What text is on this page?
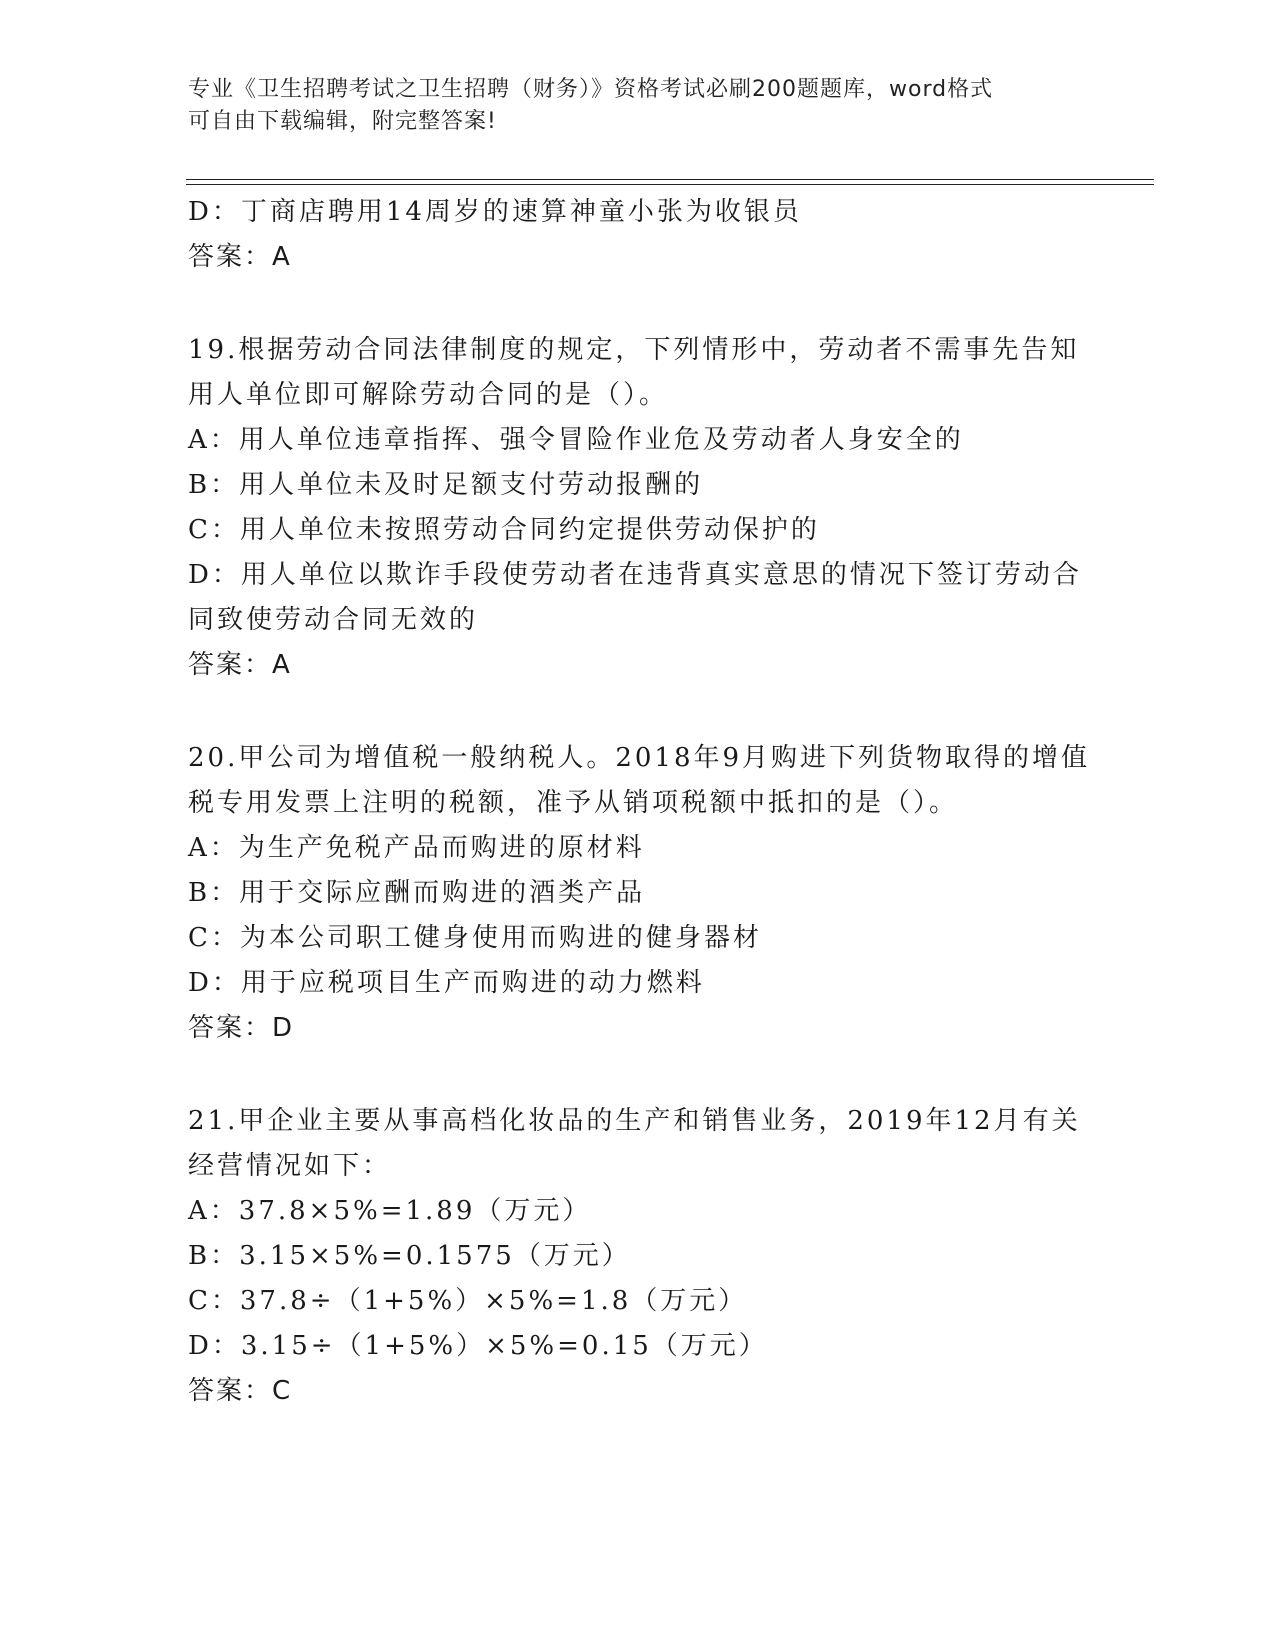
专业《卫生招聘考试之卫生招聘（财务）》资格考试必刷200题题库，word格式
可自由下载编辑，附完整答案!
D：丁商店聘用14周岁的速算神童小张为收银员
答案：A
19.根据劳动合同法律制度的规定，下列情形中，劳动者不需事先告知
用人单位即可解除劳动合同的是（）。
A：用人单位违章指挥、强令冒险作业危及劳动者人身安全的
B：用人单位未及时足额支付劳动报酬的
C：用人单位未按照劳动合同约定提供劳动保护的
D：用人单位以欺诈手段使劳动者在违背真实意思的情况下签订劳动合
同致使劳动合同无效的
答案：A
20.甲公司为增值税一般纳税人。2018年9月购进下列货物取得的增值
税专用发票上注明的税额，准予从销项税额中抵扣的是（）。
A：为生产免税产品而购进的原材料
B：用于交际应酬而购进的酒类产品
C：为本公司职工健身使用而购进的健身器材
D：用于应税项目生产而购进的动力燃料
答案：D
21.甲企业主要从事高档化妆品的生产和销售业务，2019年12月有关
经营情况如下：
A：37.8×5%=1.89（万元）
B：3.15×5%=0.1575（万元）
C：37.8÷（1+5%）×5%=1.8（万元）
D：3.15÷（1+5%）×5%=0.15（万元）
答案：C
